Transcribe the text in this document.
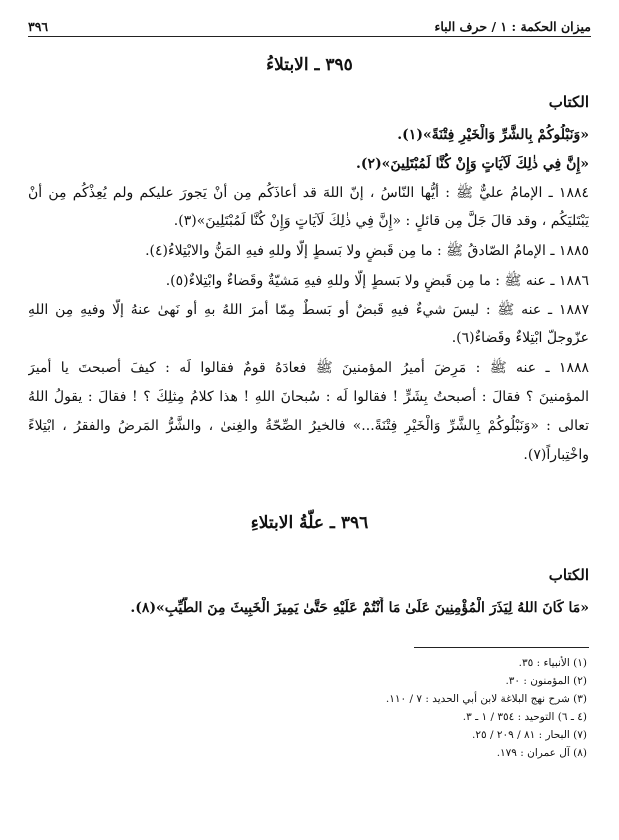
ميزان الحكمة : ١ / حرف الباء
٣٩٦
٣٩٥ ـ الابتلاءُ
الكتاب
«وَنَبْلُوكُمْ بِالشَّرِّ وَالْخَيْرِ فِتْنَةً»(١).
«إِنَّ فِي ذٰلِكَ لَآيَاتٍ وَإِنْ كُنَّا لَمُبْتَلِينَ»(٢).
١٨٨٤ ـ الإمامُ عليٌّ ﷺ : أيُّها النّاسُ ، إنّ اللهَ قد أعاذَكُم مِن أنْ يَجورَ عليكم ولم يُعِذْكُم مِن أنْ
يَبْتَليَكُم ، وقد قالَ جَلَّ مِن قائلٍ : «إِنَّ فِي ذٰلِكَ لَآيَاتٍ وَإِنْ كُنَّا لَمُبْتَلِينَ»(٣).
١٨٨٥ ـ الإمامُ الصّادقُ ﷺ : ما مِن قَبضٍ ولا بَسطٍ إلّا وللهِ فيهِ المَنُّ والابْتِلاءُ(٤).
١٨٨٦ ـ عنه ﷺ : ما مِن قَبضٍ ولا بَسطٍ إلّا وللهِ فيهِ مَشيّةٌ وقَضاءٌ وابْتِلاءٌ(٥).
١٨٨٧ ـ عنه ﷺ : ليسَ شيءٌ فيهِ قَبضٌ أو بَسطٌ مِمّا أمرَ اللهُ بهِ أو نَهىٰ عنهُ إلّا وفيهِ مِن اللهِ
عزّوجلّ ابْتِلاءٌ وقَضاءٌ(٦).
١٨٨٨ ـ عنه ﷺ : مَرِضَ أميرُ المؤمنينَ ﷺ فعادَهُ قومٌ فقالوا لَه : كيفَ أصبحتَ يا أميرَ
المؤمنينَ ؟ فقالَ : أصبحتُ بِشَرٍّ ! فقالوا لَه : سُبحانَ اللهِ ! هذا كلامُ مِثلِكَ ؟ ! فقالَ : يقولُ اللهُ
تعالى : «وَنَبْلُوكُمْ بِالشَّرِّ وَالْخَيْرِ فِتْنَةً...» فالخيرُ الصِّحّةُ والغِنىٰ ، والشَّرُّ المَرضُ والفقرُ ، ابْتِلاءً
واخْتِباراً(٧).
٣٩٦ ـ علّةُ الابتلاءِ
الكتاب
«مَا كَانَ اللهُ لِيَذَرَ الْمُؤْمِنِينَ عَلَىٰ مَا أَنْتُمْ عَلَيْهِ حَتَّىٰ يَمِيزَ الْخَبِيثَ مِنَ الطَّيِّبِ»(٨).
(١) الأنبياء : ٣٥.
(٢) المؤمنون : ٣٠.
(٣) شرح نهج البلاغة لابن أبي الحديد : ٧ / ١١٠.
(٤ ـ ٦) التوحيد : ٣٥٤ / ١ ـ ٣.
(٧) البحار : ٨١ / ٢٠٩ / ٢٥.
(٨) آل عمران : ١٧٩.
